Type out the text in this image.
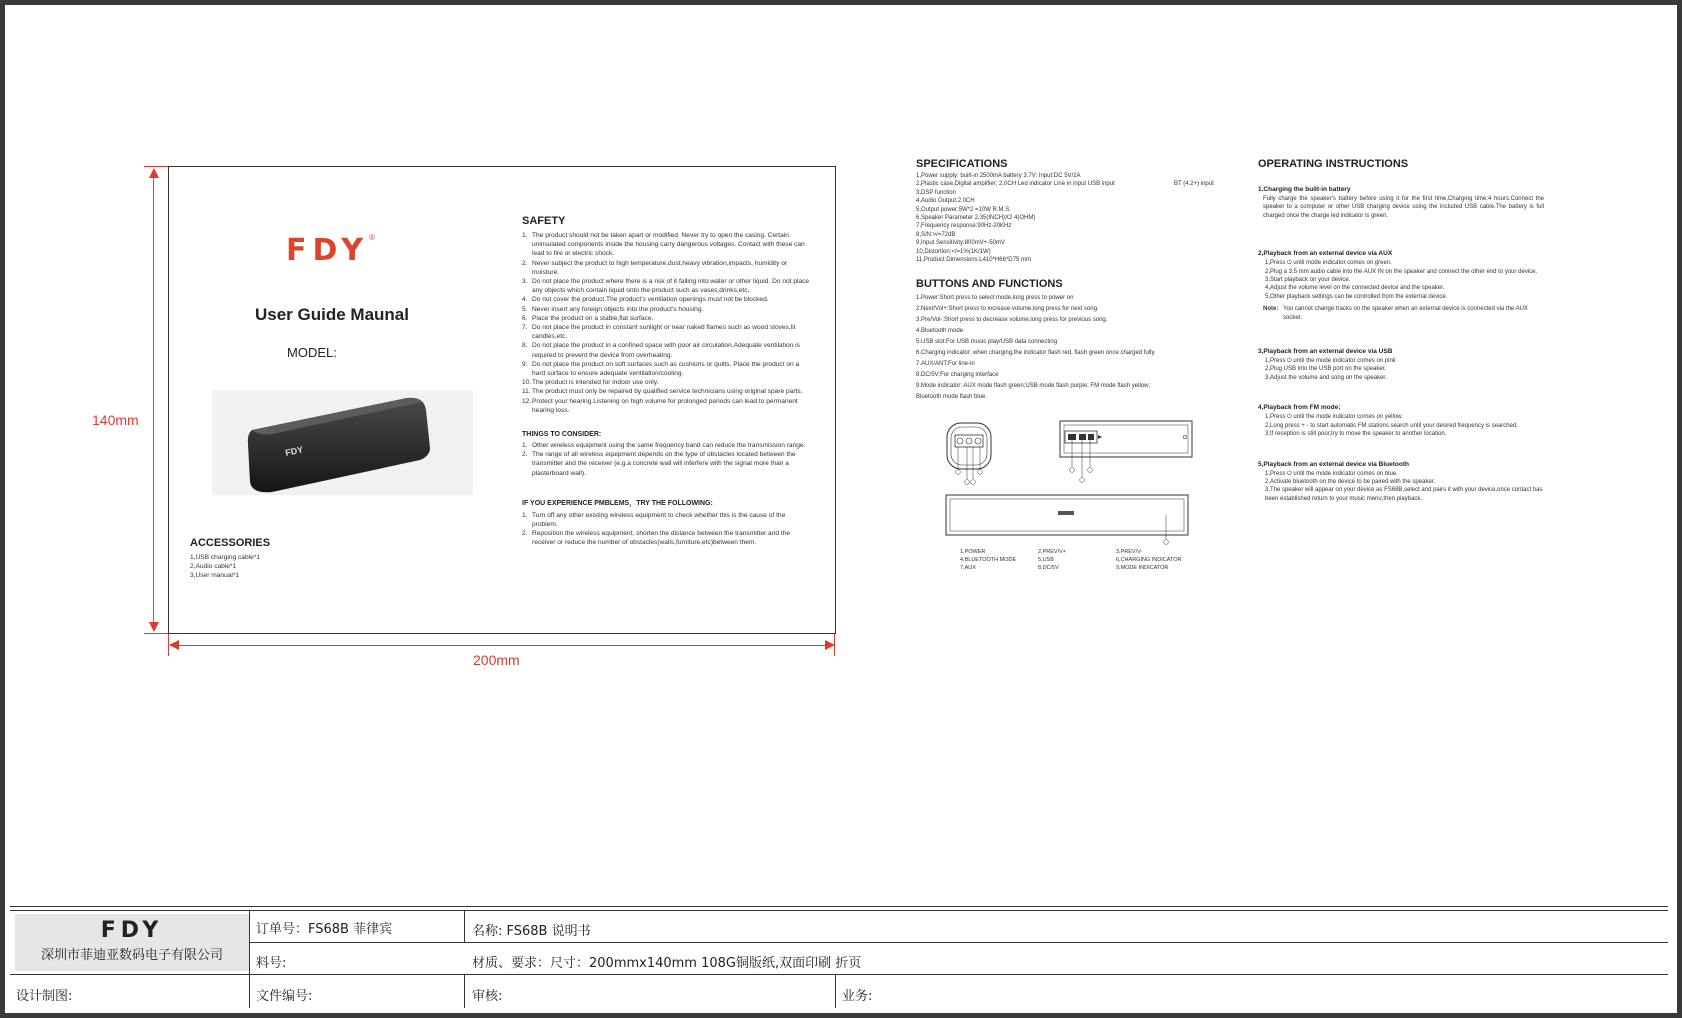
140mm
200mm
FDY®
User Guide Maunal
MODEL:
FDY
ACCESSORIES
1,USB charging cable*1
2,Audio cable*1
3,User manual*1
SAFETY
1. The product should not be taken apart or modified. Never try to open the casing. Certain uninsulated components inside the housing carry dangerous voltages. Contact with these can lead to fire or electric shock.
2. Never subject the product to high temperature,dust,heavy vibration,impacts, humidity or moisture.
3. Do not place the product where there is a risk of it falling into water or other liquid. Do not place any objects which contain liquid onto the product such as vases,drinks,etc.
4. Do not cover the product.The product's ventilation openings must not be blocked.
5. Never insert any foreign objects into the product's housing.
6. Place the product on a stable,flat surface.
7. Do not place the product in constant sunlight or near naked flames such as wood stoves,lit candles,etc.
8. Do not place the product in a confined space with poor air circulation.Adequate ventilation is required to prevent the device from overheating.
9. Do not place the product on soft surfaces such as cushions or quilts. Place the product on a hard surface to ensure adequate ventilation/cooling.
10. The product is intended for indoor use only.
11. The product must only be repaired by qualified service technicians using original spare parts.
12. Protect your hearing.Listening on high volume for prolonged periods can lead to permanent hearing loss.
THINGS TO CONSIDER:
1. Other wireless equipment using the same frequency band can reduce the transmission range.
2. The range of all wireless equipment depends on the type of obstacles located between the transmitter and the receiver (e.g.a concrete wall will interfere with the signal more than a plasterboard wall).
IF YOU EXPERIENCE PMBLEMS，TRY THE FOLLOWING:
1. Turn off any other existing wireless equipment to check whether this is the cause of the problem.
2. Reposition the wireless equipment, shorten the distance between the transmitter and the receiver or reduce the number of obstacles(walls,furniture,etc)between them.
SPECIFICATIONS
1,Power supply: built-in 2500mA battery 3.7V; Input:DC 5V/2A
2,Plastic case,Digital amplifier; 2,0CH Led indicator Line in input USB input
3,DSP function
4,Audio Output:2.0CH
5,Output power:5W*2 =10W R.M.S.
6,Speaker Parameter 2,35(INCH)X2 4(OHM)
7,Frequency response:90Hz-20KHz
8,S/N:>/=72dB
9,Input Sensitivity:800mV+-50mV
10,Distortion:</=1%(1K/1W)
11,Product Dimensions:L410*H66*D75 mm
BT (4.2+) input
BUTTONS AND FUNCTIONS
1.Power:Short press to select mode,long press to power on
2.Next/Vol+:Short press to increase volume,long press for next song.
3.Pre/Vol-:Short press to decrease volume,long press for previous song.
4.Bluetooth mode
5.USB slot:For USB music play/USB data connecting
6.Charging indicator: when charging,the indicator flash red, flash green once charged fully.
7.AUX/ANT:For line-in
8.DC/5V:For charging interface
9.Mode indicator: AUX mode flash green;USB mode flash purple; FM mode flash yellow; Bluetooth mode flash blue.
1,POWER	2,PREV/V+	3,PREV/V-
4,BLUETOOTH MODE	5,USB	6,CHARGING INDICATOR
7,AUX	8,DC/5V	9,MODE INDICATOR
OPERATING INSTRUCTIONS
1.Charging the built-in battery
Fully charge the speaker's battery before using it for the first time,Charging time:4 hours.Connect the speaker to a computer or other USB charging device using the included USB cable.The battery is full charged once the charge led indicator is green.
2,Playback from an external device via AUX
1,Press ⏻ until mode indicator comes on green.
2,Plug a 3.5 mm audio cable into the AUX IN on the speaker and connect the other end to your device.
3,Start playback on your device.
4,Adjust the volume level on the connected device and the speaker.
5,Other playback settings can be controlled from the external device.
Note: You cannot change tracks on the speaker when an external device is connected via the AUX socket.
3,Playback from an external device via USB
1,Press ⏻ until the mode indicator comes on pink
2,Plug USB into the USB port on the speaker.
3,Adjust the volume and song on the speaker.
4,Playback from FM mode;
1,Press ⏻ until the mode indicator comes on yellow.
2,Long press + - to start automatic FM stations search until your desired frequency is searched.
3,If reception is still poor,try to move the speaker to another location.
5,Playback from an external device via Bluetooth
1,Press ⏻ until the mode indicator comes on blue.
2,Activate bluetooth on the device to be paired with the speaker.
3,The speaker will appear on your device as FS68B,select and pairs it with your device,once contact has been established return to your music menu,then playback.
FDY
深圳市菲迪亚数码电子有限公司
订单号：FS68B 菲律宾	名称: FS68B 说明书
料号:	材质、要求：尺寸：200mmx140mm 108G铜版纸,双面印刷 折页
设计制图:	文件编号:	审核:	业务:
